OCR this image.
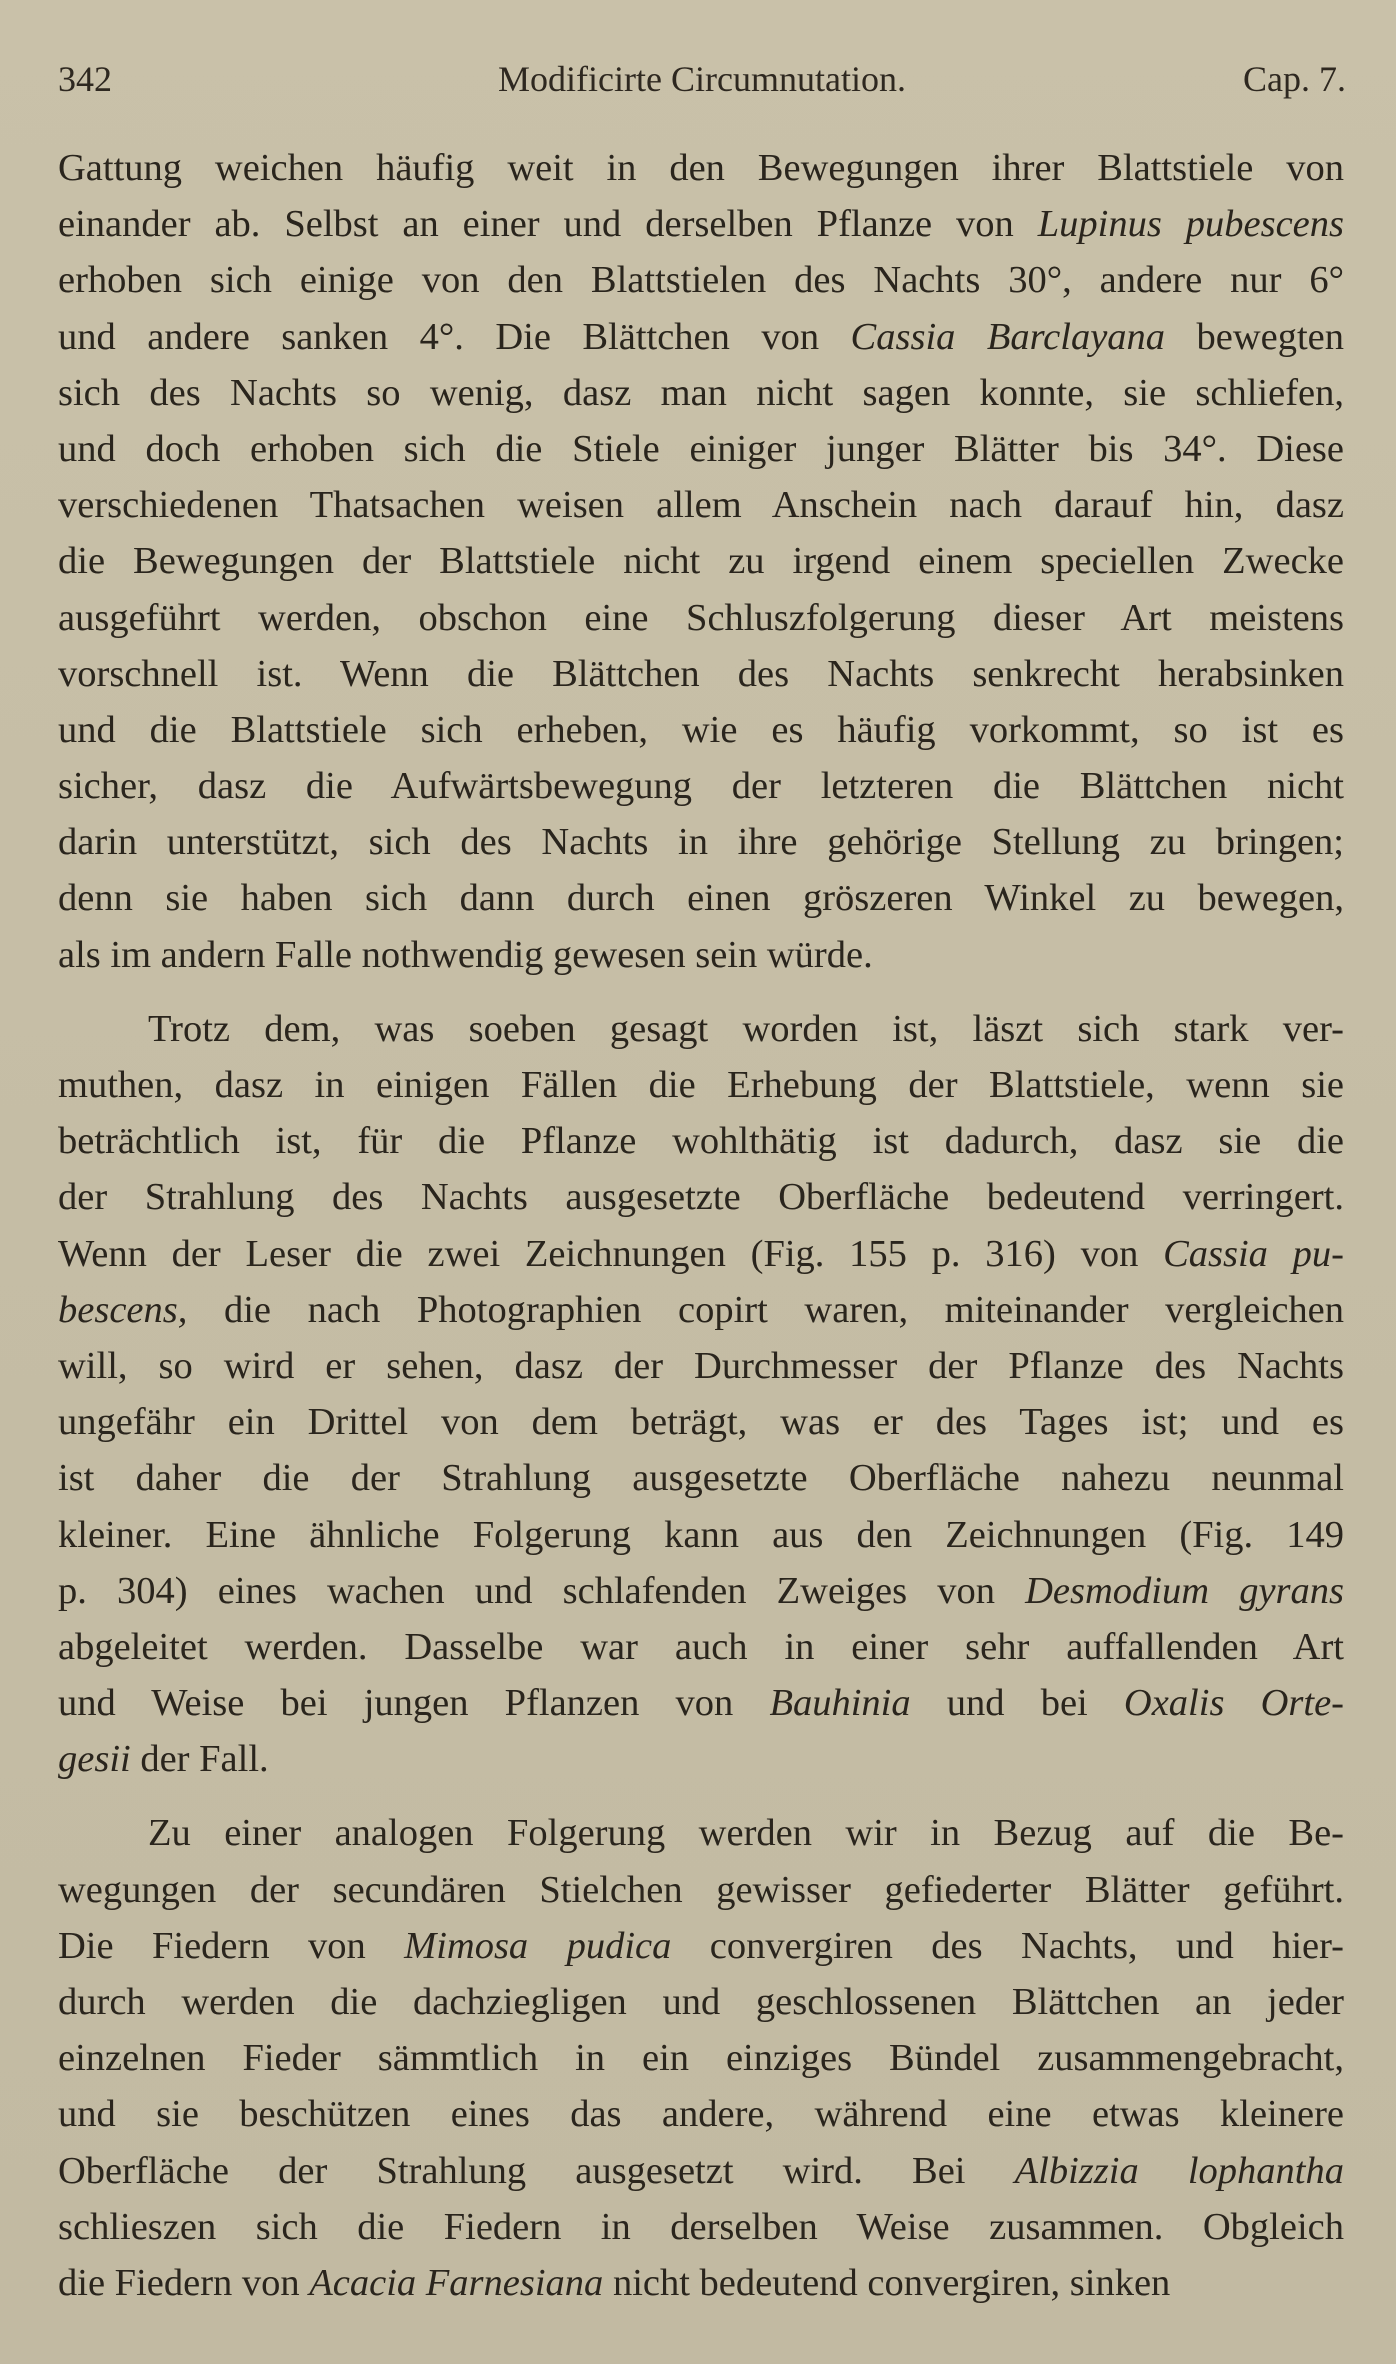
342	Modificirte Circumnutation.	Cap. 7.
Gattung weichen häufig weit in den Bewegungen ihrer Blattstiele von
einander ab. Selbst an einer und derselben Pflanze von Lupinus pubescens
erhoben sich einige von den Blattstielen des Nachts 30°, andere nur 6°
und andere sanken 4°. Die Blättchen von Cassia Barclayana bewegten
sich des Nachts so wenig, dasz man nicht sagen konnte, sie schliefen,
und doch erhoben sich die Stiele einiger junger Blätter bis 34°. Diese
verschiedenen Thatsachen weisen allem Anschein nach darauf hin, dasz
die Bewegungen der Blattstiele nicht zu irgend einem speciellen Zwecke
ausgeführt werden, obschon eine Schluszfolgerung dieser Art meistens
vorschnell ist. Wenn die Blättchen des Nachts senkrecht herabsinken
und die Blattstiele sich erheben, wie es häufig vorkommt, so ist es
sicher, dasz die Aufwärtsbewegung der letzteren die Blättchen nicht
darin unterstützt, sich des Nachts in ihre gehörige Stellung zu bringen;
denn sie haben sich dann durch einen gröszeren Winkel zu bewegen,
als im andern Falle nothwendig gewesen sein würde.
Trotz dem, was soeben gesagt worden ist, läszt sich stark ver-
muthen, dasz in einigen Fällen die Erhebung der Blattstiele, wenn sie
beträchtlich ist, für die Pflanze wohlthätig ist dadurch, dasz sie die
der Strahlung des Nachts ausgesetzte Oberfläche bedeutend verringert.
Wenn der Leser die zwei Zeichnungen (Fig. 155 p. 316) von Cassia pu-
bescens, die nach Photographien copirt waren, miteinander vergleichen
will, so wird er sehen, dasz der Durchmesser der Pflanze des Nachts
ungefähr ein Drittel von dem beträgt, was er des Tages ist; und es
ist daher die der Strahlung ausgesetzte Oberfläche nahezu neunmal
kleiner. Eine ähnliche Folgerung kann aus den Zeichnungen (Fig. 149
p. 304) eines wachen und schlafenden Zweiges von Desmodium gyrans
abgeleitet werden. Dasselbe war auch in einer sehr auffallenden Art
und Weise bei jungen Pflanzen von Bauhinia und bei Oxalis Orte-
gesii der Fall.
Zu einer analogen Folgerung werden wir in Bezug auf die Be-
wegungen der secundären Stielchen gewisser gefiederter Blätter geführt.
Die Fiedern von Mimosa pudica convergiren des Nachts, und hier-
durch werden die dachziegligen und geschlossenen Blättchen an jeder
einzelnen Fieder sämmtlich in ein einziges Bündel zusammengebracht,
und sie beschützen eines das andere, während eine etwas kleinere
Oberfläche der Strahlung ausgesetzt wird. Bei Albizzia lophantha
schlieszen sich die Fiedern in derselben Weise zusammen. Obgleich
die Fiedern von Acacia Farnesiana nicht bedeutend convergiren, sinken
